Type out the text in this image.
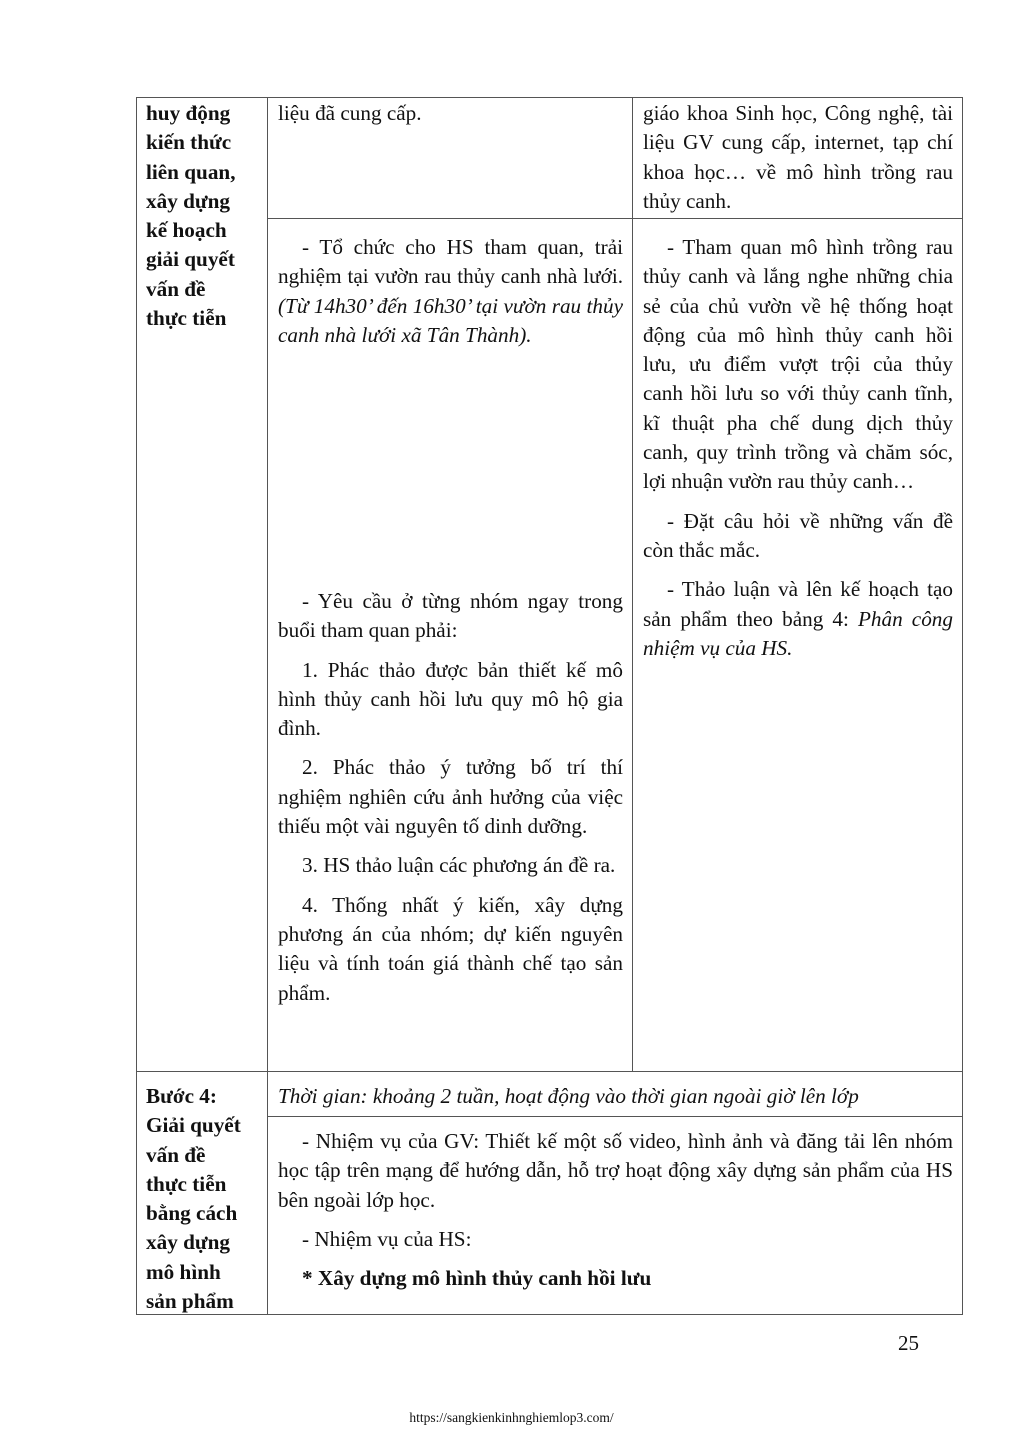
huy động

kiến thức

liên quan,

xây dựng

kế hoạch

giải quyết

vấn đề

thực tiễn

liệu đã cung cấp.	giáo khoa Sinh học, Công nghệ, tài liệu GV cung cấp, internet, tạp chí khoa học… về mô hình trồng rau thủy canh.

- Tổ chức cho HS tham quan, trải nghiệm tại vườn rau thủy canh nhà lưới. (Từ 14h30’ đến 16h30’ tại vườn rau thủy canh nhà lưới xã Tân Thành).

- Yêu cầu ở từng nhóm ngay trong buổi tham quan phải:

1. Phác thảo được bản thiết kế mô hình thủy canh hồi lưu quy mô hộ gia đình.

2. Phác thảo ý tưởng bố trí thí nghiệm nghiên cứu ảnh hưởng của việc thiếu một vài nguyên tố dinh dưỡng.

3. HS thảo luận các phương án đề ra.

4. Thống nhất ý kiến, xây dựng phương án của nhóm; dự kiến nguyên liệu và tính toán giá thành chế tạo sản phẩm.

- Tham quan mô hình trồng rau thủy canh và lắng nghe những chia sẻ của chủ vườn về hệ thống hoạt động của mô hình thủy canh hồi lưu, ưu điểm vượt trội của thủy canh hồi lưu so với thủy canh tĩnh, kĩ thuật pha chế dung dịch thủy canh, quy trình trồng và chăm sóc, lợi nhuận vườn rau thủy canh…

- Đặt câu hỏi về những vấn đề còn thắc mắc.

- Thảo luận và lên kế hoạch tạo sản phẩm theo bảng 4: Phân công nhiệm vụ của HS.

Bước 4:

Giải quyết

vấn đề

thực tiễn

bằng cách

xây dựng

mô hình

sản phẩm

Thời gian: khoảng 2 tuần, hoạt động vào thời gian ngoài giờ lên lớp

- Nhiệm vụ của GV: Thiết kế một số video, hình ảnh và đăng tải lên nhóm học tập trên mạng để hướng dẫn, hỗ trợ hoạt động xây dựng sản phẩm của HS bên ngoài lớp học.

- Nhiệm vụ của HS:

* Xây dựng mô hình thủy canh hồi lưu

25
https://sangkienkinhnghiemlop3.com/
